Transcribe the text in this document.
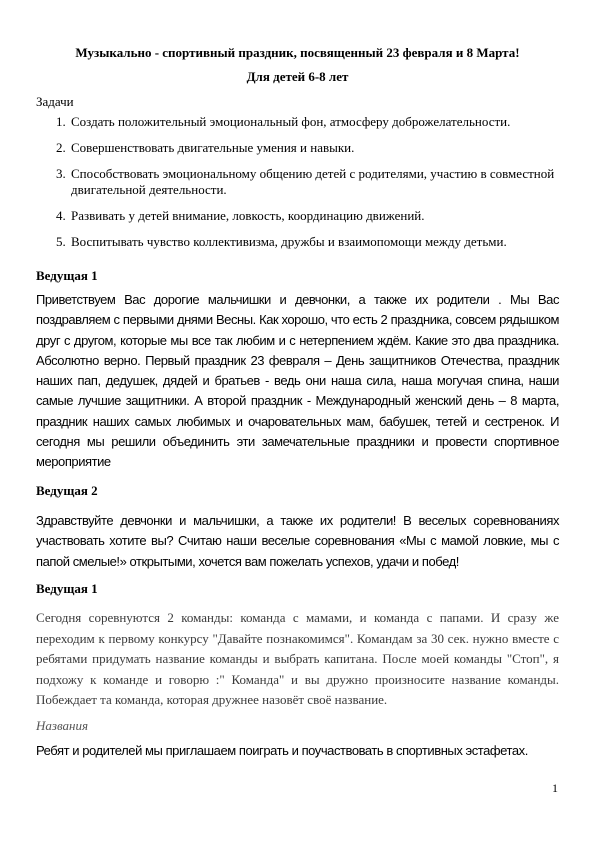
Музыкально - спортивный праздник, посвященный 23 февраля и 8 Марта!
Для детей 6-8 лет
Задачи
1. Создать положительный эмоциональный фон, атмосферу доброжелательности.
2. Совершенствовать двигательные умения и навыки.
3. Способствовать эмоциональному общению детей с родителями, участию в совместной двигательной деятельности.
4. Развивать у детей внимание, ловкость, координацию движений.
5. Воспитывать чувство коллективизма, дружбы и взаимопомощи между детьми.
Ведущая 1

Приветствуем Вас дорогие мальчишки и девчонки, а также их родители . Мы Вас поздравляем с первыми днями Весны. Как хорошо, что есть 2 праздника, совсем рядышком друг с другом, которые мы все так любим и с нетерпением ждём. Какие это два праздника. Абсолютно верно. Первый праздник 23 февраля – День защитников Отечества, праздник наших пап, дедушек, дядей и братьев - ведь они наша сила, наша могучая спина, наши самые лучшие защитники. А второй праздник - Международный женский день – 8 марта, праздник наших самых любимых и очаровательных мам, бабушек, тетей и сестренок. И сегодня мы решили объединить эти замечательные праздники и провести спортивное мероприятие

Ведущая 2

Здравствуйте девчонки и мальчишки, а также их родители! В веселых соревнованиях участвовать хотите вы? Считаю наши веселые соревнования «Мы с мамой ловкие, мы с папой смелые!» открытыми, хочется вам пожелать успехов, удачи и побед!

Ведущая 1

Сегодня соревнуются 2 команды: команда с мамами, и команда с папами. И сразу же переходим к первому конкурсу "Давайте познакомимся". Командам за 30 сек. нужно вместе с ребятами придумать название команды и выбрать капитана. После моей команды "Стоп", я подхожу к команде и говорю :" Команда" и вы дружно произносите название команды. Побеждает та команда, которая дружнее назовёт своё название.

Названия

Ребят и родителей мы приглашаем поиграть и поучаствовать в спортивных эстафетах.

1
